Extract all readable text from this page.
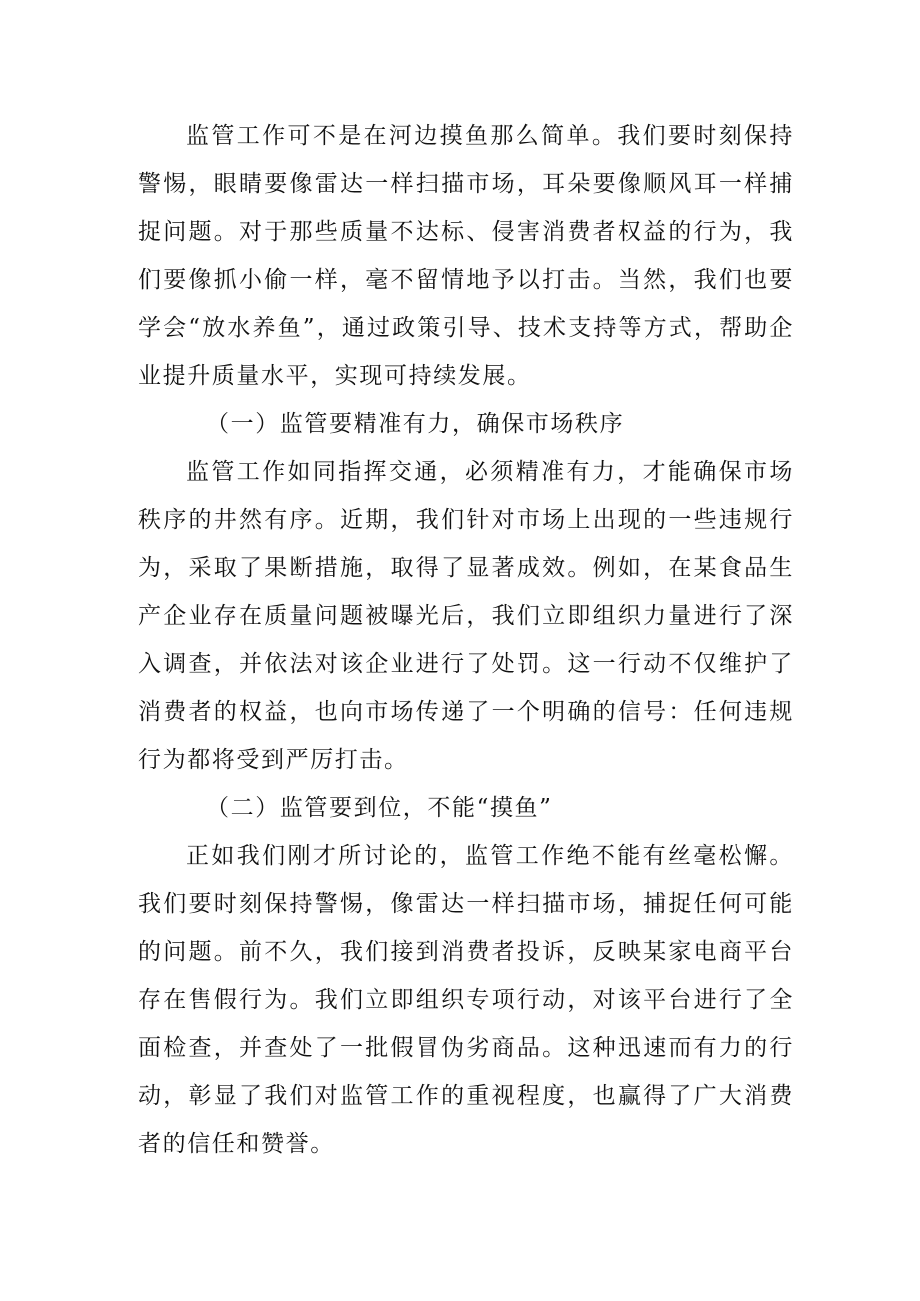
监管工作可不是在河边摸鱼那么简单。我们要时刻保持警惕，眼睛要像雷达一样扫描市场，耳朵要像顺风耳一样捕捉问题。对于那些质量不达标、侵害消费者权益的行为，我们要像抓小偷一样，毫不留情地予以打击。当然，我们也要学会“放水养鱼”，通过政策引导、技术支持等方式，帮助企业提升质量水平，实现可持续发展。

（一）监管要精准有力，确保市场秩序

监管工作如同指挥交通，必须精准有力，才能确保市场秩序的井然有序。近期，我们针对市场上出现的一些违规行为，采取了果断措施，取得了显著成效。例如，在某食品生产企业存在质量问题被曝光后，我们立即组织力量进行了深入调查，并依法对该企业进行了处罚。这一行动不仅维护了消费者的权益，也向市场传递了一个明确的信号：任何违规行为都将受到严厉打击。

（二）监管要到位，不能“摸鱼”

正如我们刚才所讨论的，监管工作绝不能有丝毫松懈。我们要时刻保持警惕，像雷达一样扫描市场，捕捉任何可能的问题。前不久，我们接到消费者投诉，反映某家电商平台存在售假行为。我们立即组织专项行动，对该平台进行了全面检查，并查处了一批假冒伪劣商品。这种迅速而有力的行动，彰显了我们对监管工作的重视程度，也赢得了广大消费者的信任和赞誉。
